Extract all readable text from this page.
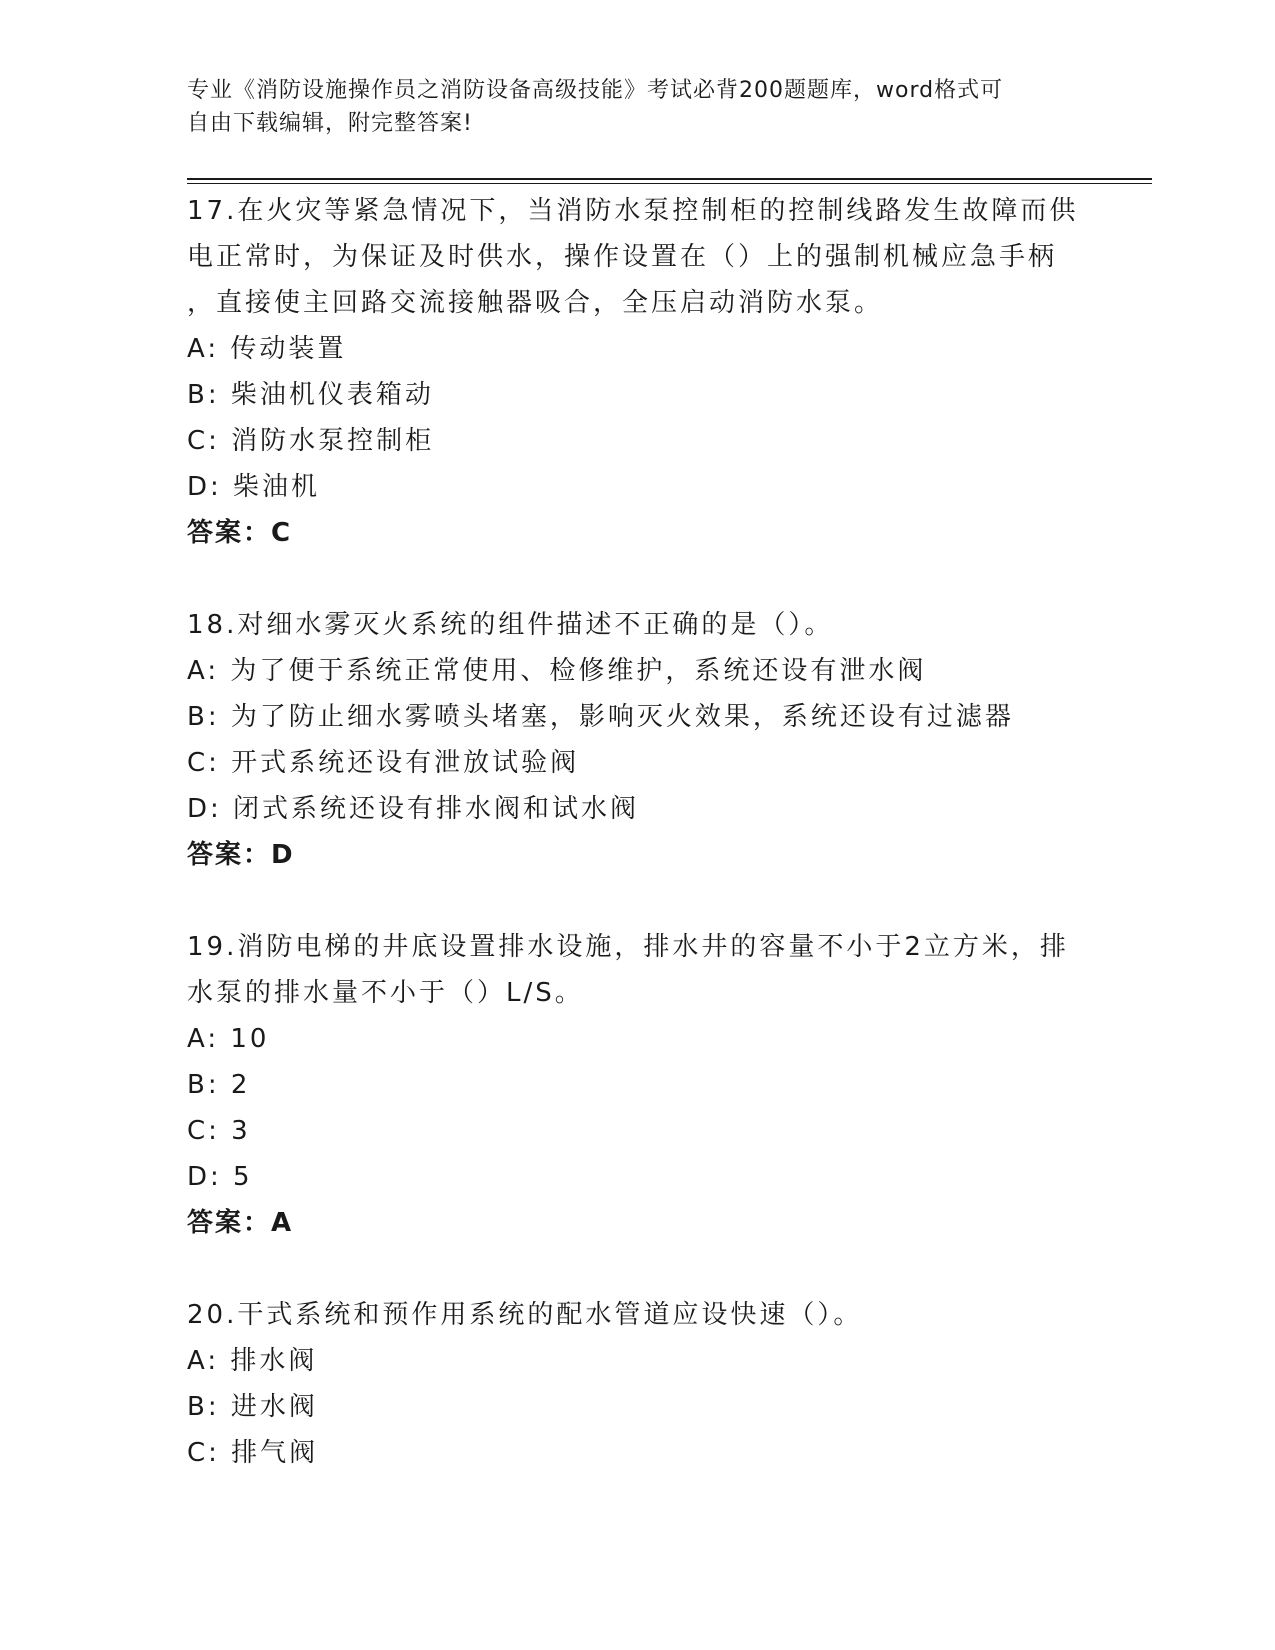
专业《消防设施操作员之消防设备高级技能》考试必背200题题库，word格式可
自由下载编辑，附完整答案!
17.在火灾等紧急情况下，当消防水泵控制柜的控制线路发生故障而供
电正常时，为保证及时供水，操作设置在（）上的强制机械应急手柄
，直接使主回路交流接触器吸合，全压启动消防水泵。
A: 传动装置
B: 柴油机仪表箱动
C: 消防水泵控制柜
D: 柴油机
答案：C
18.对细水雾灭火系统的组件描述不正确的是（）。
A: 为了便于系统正常使用、检修维护，系统还设有泄水阀
B: 为了防止细水雾喷头堵塞，影响灭火效果，系统还设有过滤器
C: 开式系统还设有泄放试验阀
D: 闭式系统还设有排水阀和试水阀
答案：D
19.消防电梯的井底设置排水设施，排水井的容量不小于2立方米，排
水泵的排水量不小于（）L/S。
A: 10
B: 2
C: 3
D: 5
答案：A
20.干式系统和预作用系统的配水管道应设快速（）。
A: 排水阀
B: 进水阀
C: 排气阀
